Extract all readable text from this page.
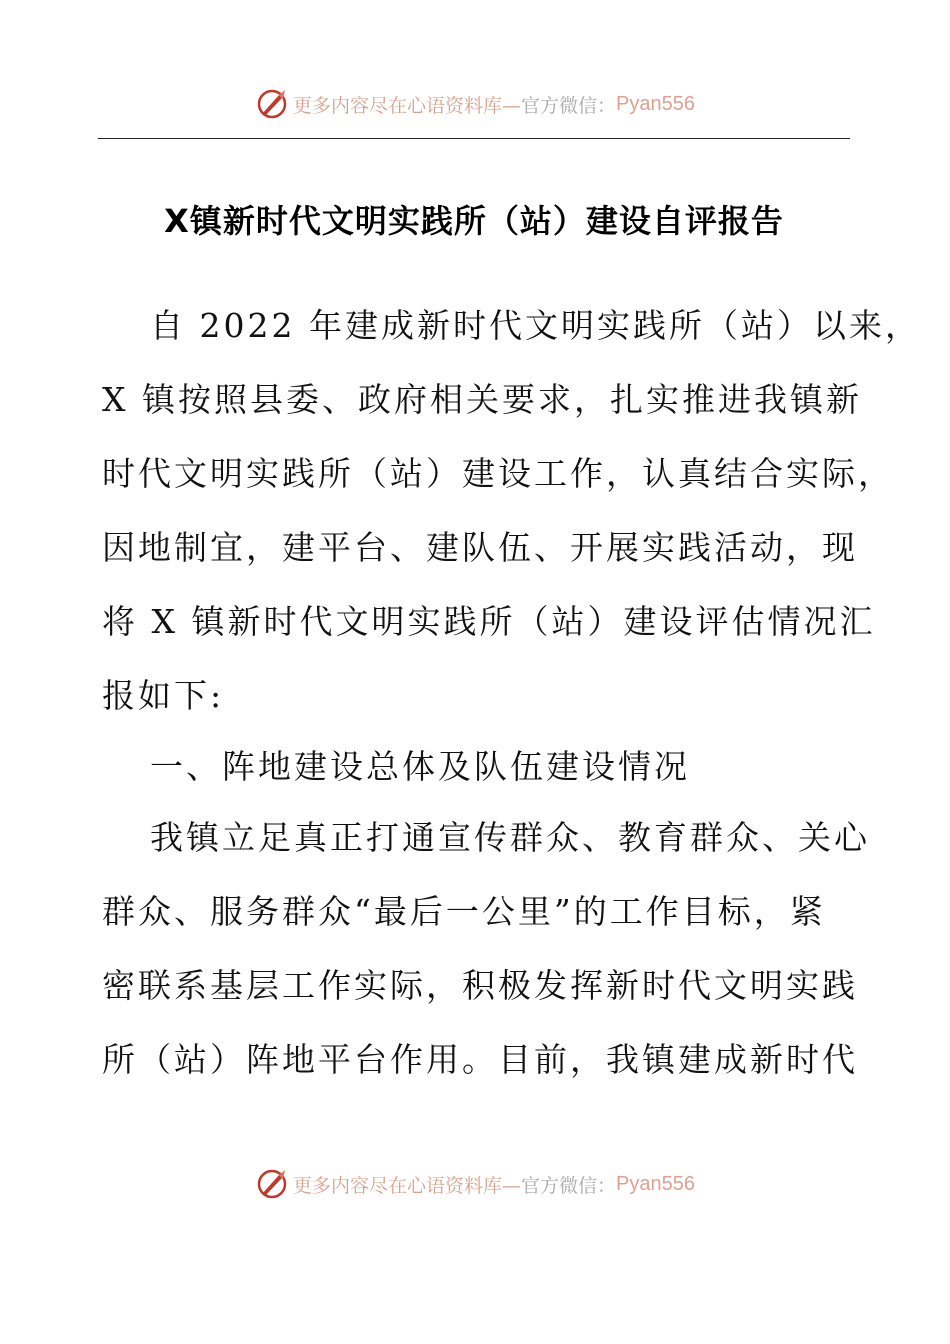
更多内容尽在心语资料库— 官方微信： Pyan556
X镇新时代文明实践所（站）建设自评报告
自 2022 年建成新时代文明实践所（站）以来，
X 镇按照县委、政府相关要求，扎实推进我镇新
时代文明实践所（站）建设工作，认真结合实际，
因地制宜，建平台、建队伍、开展实践活动，现
将 X 镇新时代文明实践所（站）建设评估情况汇
报如下:
一、阵地建设总体及队伍建设情况
我镇立足真正打通宣传群众、教育群众、关心
群众、服务群众“最后一公里”的工作目标，紧
密联系基层工作实际，积极发挥新时代文明实践
所（站）阵地平台作用。目前，我镇建成新时代
更多内容尽在心语资料库— 官方微信： Pyan556
